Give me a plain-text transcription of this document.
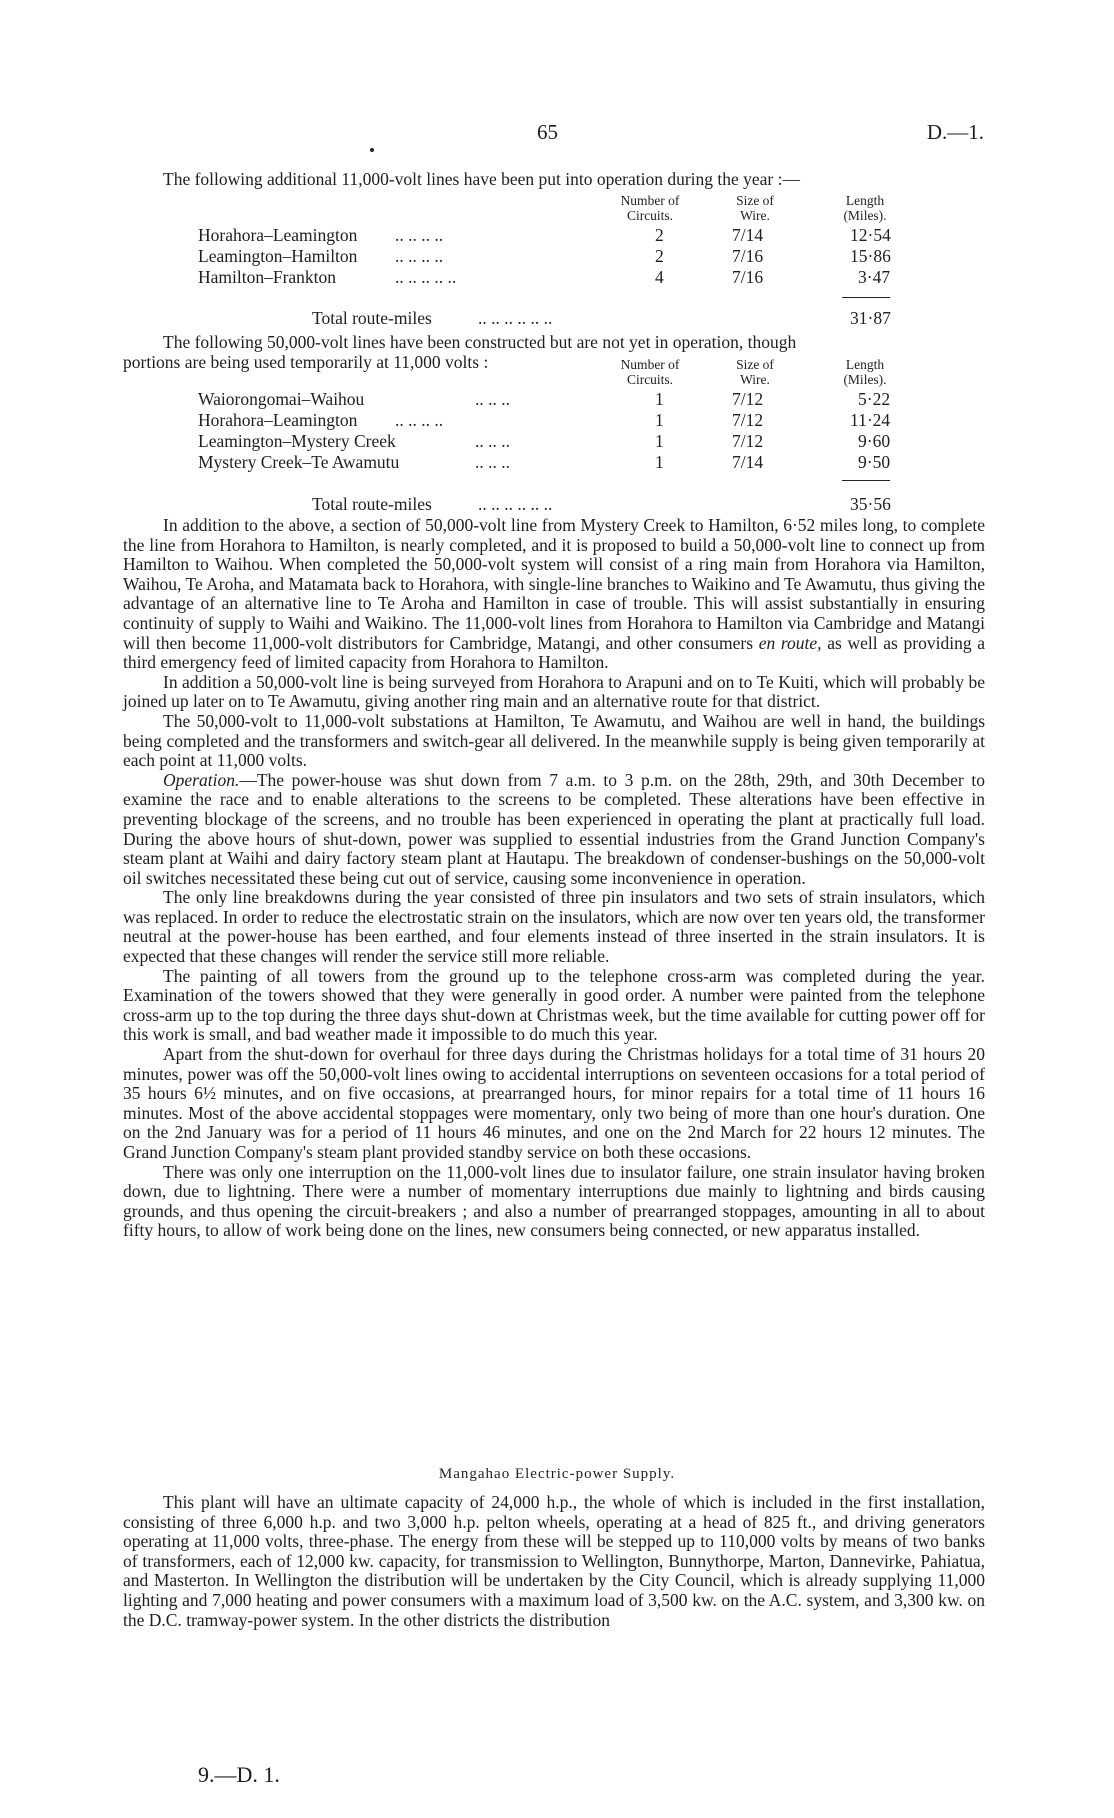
65	D.—1.
The following additional 11,000-volt lines have been put into operation during the year :—
Number of
Circuits.
Size of
Wire.
Length
(Miles).
Horahora–Leamington .. .. .. ..	2	7/14	12·54
Leamington–Hamilton .. .. .. ..	2	7/16	15·86
Hamilton–Frankton	.. .. .. .. ..	4	7/16	3·47
Total route-miles	.. .. .. .. .. ..	31·87
The following 50,000-volt lines have been constructed but are not yet in operation, though
portions are being used temporarily at 11,000 volts :	Number of
Circuits.
Size of
Wire.
Length
(Miles).
Waiorongomai–Waihou	.. .. ..	1	7/12	5·22
Horahora–Leamington .. .. .. ..	1	7/12	11·24
Leamington–Mystery Creek	.. .. ..	1	7/12	9·60
Mystery Creek–Te Awamutu	.. .. ..	1	7/14	9·50
Total route-miles	.. .. .. .. .. ..	35·56

In addition to the above, a section of 50,000-volt line from Mystery Creek to Hamilton, 6·52 miles long, to complete the line from Horahora to Hamilton, is nearly completed, and it is proposed to build a 50,000-volt line to connect up from Hamilton to Waihou. When completed the 50,000-volt system will consist of a ring main from Horahora via Hamilton, Waihou, Te Aroha, and Matamata back to Horahora, with single-line branches to Waikino and Te Awamutu, thus giving the advantage of an alternative line to Te Aroha and Hamilton in case of trouble. This will assist substantially in ensuring continuity of supply to Waihi and Waikino. The 11,000-volt lines from Horahora to Hamilton via Cambridge and Matangi will then become 11,000-volt distributors for Cambridge, Matangi, and other consumers en route, as well as providing a third emergency feed of limited capacity from Horahora to Hamilton.

In addition a 50,000-volt line is being surveyed from Horahora to Arapuni and on to Te Kuiti, which will probably be joined up later on to Te Awamutu, giving another ring main and an alternative route for that district.

The 50,000-volt to 11,000-volt substations at Hamilton, Te Awamutu, and Waihou are well in hand, the buildings being completed and the transformers and switch-gear all delivered. In the meanwhile supply is being given temporarily at each point at 11,000 volts.

Operation.—The power-house was shut down from 7 a.m. to 3 p.m. on the 28th, 29th, and 30th December to examine the race and to enable alterations to the screens to be completed. These alterations have been effective in preventing blockage of the screens, and no trouble has been experienced in operating the plant at practically full load. During the above hours of shut-down, power was supplied to essential industries from the Grand Junction Company's steam plant at Waihi and dairy factory steam plant at Hautapu. The breakdown of condenser-bushings on the 50,000-volt oil switches necessitated these being cut out of service, causing some inconvenience in operation.

The only line breakdowns during the year consisted of three pin insulators and two sets of strain insulators, which was replaced. In order to reduce the electrostatic strain on the insulators, which are now over ten years old, the transformer neutral at the power-house has been earthed, and four elements instead of three inserted in the strain insulators. It is expected that these changes will render the service still more reliable.

The painting of all towers from the ground up to the telephone cross-arm was completed during the year. Examination of the towers showed that they were generally in good order. A number were painted from the telephone cross-arm up to the top during the three days shut-down at Christmas week, but the time available for cutting power off for this work is small, and bad weather made it impossible to do much this year.

Apart from the shut-down for overhaul for three days during the Christmas holidays for a total time of 31 hours 20 minutes, power was off the 50,000-volt lines owing to accidental interruptions on seventeen occasions for a total period of 35 hours 6½ minutes, and on five occasions, at prearranged hours, for minor repairs for a total time of 11 hours 16 minutes. Most of the above accidental stoppages were momentary, only two being of more than one hour's duration. One on the 2nd January was for a period of 11 hours 46 minutes, and one on the 2nd March for 22 hours 12 minutes. The Grand Junction Company's steam plant provided standby service on both these occasions.

There was only one interruption on the 11,000-volt lines due to insulator failure, one strain insulator having broken down, due to lightning. There were a number of momentary interruptions due mainly to lightning and birds causing grounds, and thus opening the circuit-breakers ; and also a number of prearranged stoppages, amounting in all to about fifty hours, to allow of work being done on the lines, new consumers being connected, or new apparatus installed.

Mangahao Electric-power Supply.

This plant will have an ultimate capacity of 24,000 h.p., the whole of which is included in the first installation, consisting of three 6,000 h.p. and two 3,000 h.p. pelton wheels, operating at a head of 825 ft., and driving generators operating at 11,000 volts, three-phase. The energy from these will be stepped up to 110,000 volts by means of two banks of transformers, each of 12,000 kw. capacity, for transmission to Wellington, Bunnythorpe, Marton, Dannevirke, Pahiatua, and Masterton. In Wellington the distribution will be undertaken by the City Council, which is already supplying 11,000 lighting and 7,000 heating and power consumers with a maximum load of 3,500 kw. on the A.C. system, and 3,300 kw. on the D.C. tramway-power system. In the other districts the distribution

9.—D. 1.
